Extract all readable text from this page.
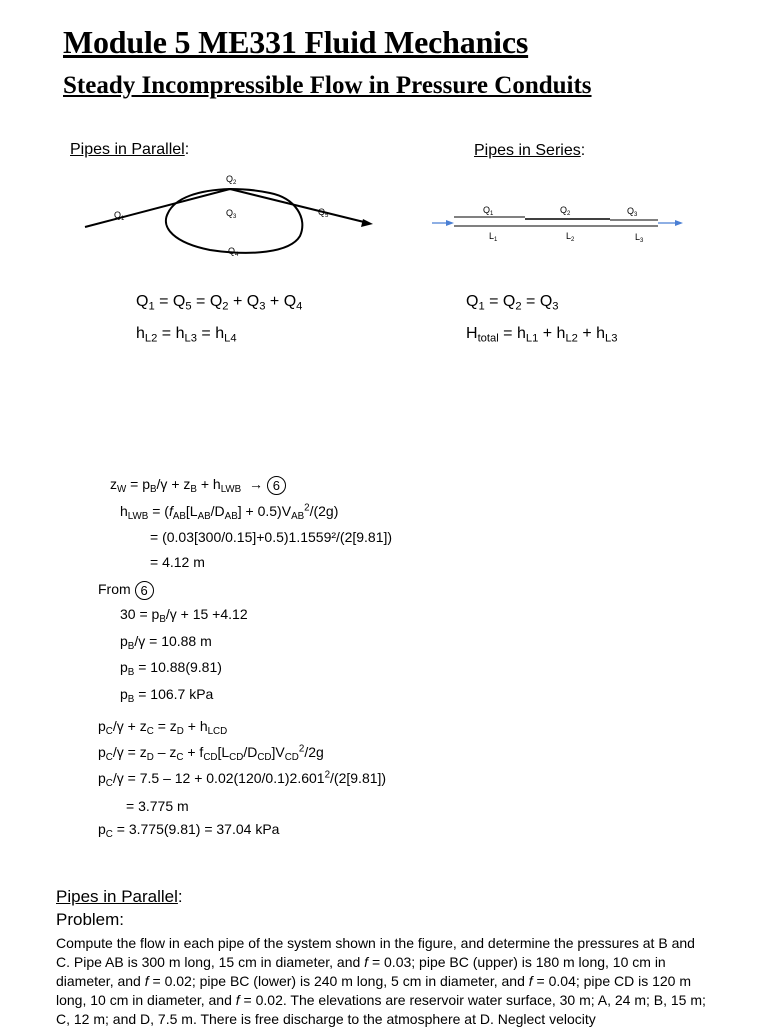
Module 5 ME331 Fluid Mechanics
Steady Incompressible Flow in Pressure Conduits
Pipes in Parallel:	Pipes in Series:
$Q_2$
$Q_3$
$Q_4$
$Q_1$
$Q_5$
$Q_1$	$Q_2$	$Q_3$
$L_1$	$L_2$	$L_3$
$Q_1 = Q_5 = Q_2 + Q_3 + Q_4$
$h_{L2} = h_{L3} = h_{L4}$
$Q_1 = Q_2 = Q_3$
$H_{total} = h_{L1} + h_{L2} + h_{L3}$
$z_W = p_B/\gamma + z_B + h_{LWB} \to 6$
$h_{LWB} = (f_{AB}[L_{AB}/D_{AB}] + 0.5)V_{AB}^2/(2g)$
= (0.03[300/0.15]+0.5)1.1559²/(2[9.81])
= 4.12 m
From 6
$30 = p_B/\gamma + 15 +4.12$
$p_B/\gamma = 10.88$ m
$p_B = 10.88(9.81)$
$p_B = 106.7$ kPa
$p_C/\gamma + z_C = z_D + h_{LCD}$
$p_C/\gamma = z_D - z_C + f_{CD}[L_{CD}/D_{CD}]V_{CD}^2/2g$
$p_C/\gamma = 7.5 - 12 + 0.02(120/0.1)2.601^2/(2[9.81])$
= 3.775 m
$p_C = 3.775(9.81) = 37.04$ kPa
Pipes in Parallel:
Problem:
Compute the flow in each pipe of the system shown in the figure, and determine the pressures at B and C. Pipe AB is 300 m long, 15 cm in diameter, and f = 0.03; pipe BC (upper) is 180 m long, 10 cm in diameter, and f = 0.02; pipe BC (lower) is 240 m long, 5 cm in diameter, and f = 0.04; pipe CD is 120 m long, 10 cm in diameter, and f = 0.02. The elevations are reservoir water surface, 30 m; A, 24 m; B, 15 m; C, 12 m; and D, 7.5 m. There is free discharge to the atmosphere at D. Neglect velocity
